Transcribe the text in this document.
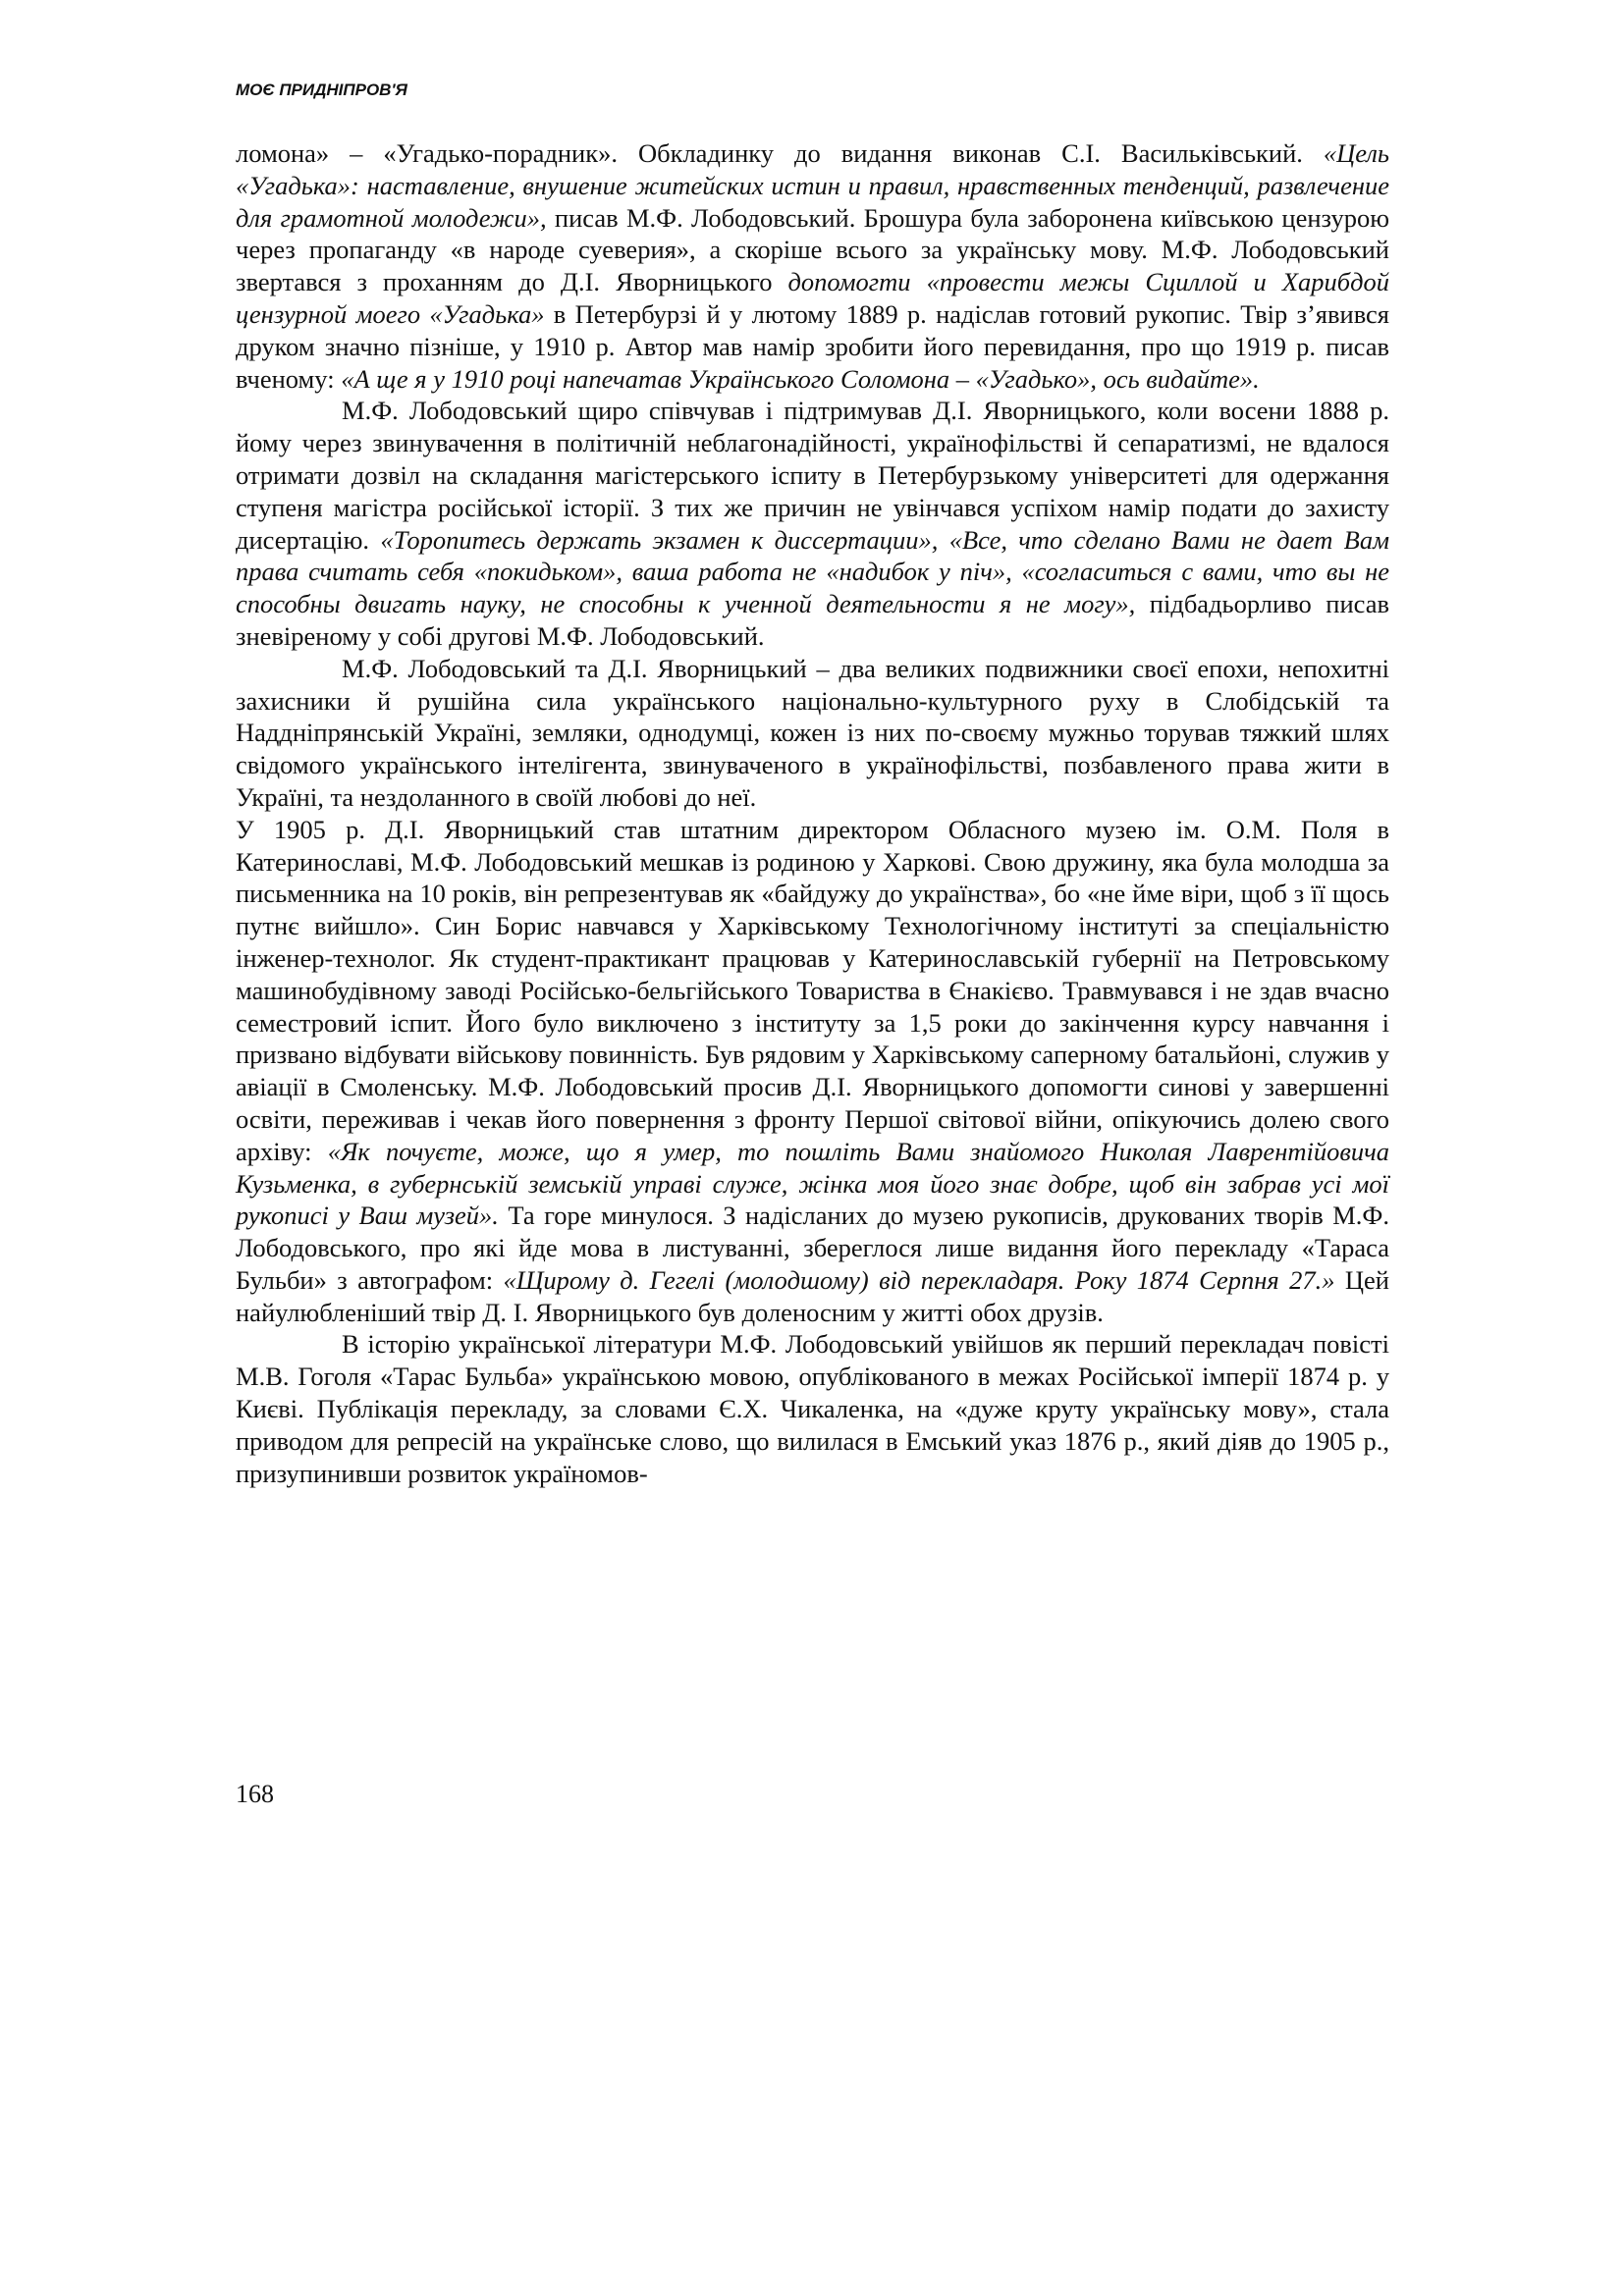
МОЄ ПРИДНІПРОВ'Я

ломона» – «Угадько-порадник». Обкладинку до видання виконав С.І. Васильківський. «Цель «Угадька»: наставление, внушение житейских истин и правил, нравственных тенденций, развлечение для грамотной молодежи», писав М.Ф. Лободовський. Брошура була заборонена київською цензурою через пропаганду «в народе суеверия», а скоріше всього за українську мову. М.Ф. Лободовський звертався з проханням до Д.І. Яворницького допомогти «провести межы Сциллой и Харибдой цензурной моего «Угадька» в Петербурзі й у лютому 1889 р. надіслав готовий рукопис. Твір з’явився друком значно пізніше, у 1910 р. Автор мав намір зробити його перевидання, про що 1919 р. писав вченому: «А ще я у 1910 році напечатав Українського Соломона – «Угадько», ось видайте».

М.Ф. Лободовський щиро співчував і підтримував Д.І. Яворницького, коли восени 1888 р. йому через звинувачення в політичній неблагонадійності, українофільстві й сепаратизмі, не вдалося отримати дозвіл на складання магістерського іспиту в Петербурзькому університеті для одержання ступеня магістра російської історії. З тих же причин не увінчався успіхом намір подати до захисту дисертацію. «Торопитесь держать экзамен к диссертации», «Все, что сделано Вами не дает Вам права считать себя «покидьком», ваша работа не «надибок у піч», «согласиться с вами, что вы не способны двигать науку, не способны к ученной деятельности я не могу», підбадьорливо писав зневіреному у собі другові М.Ф. Лободовський.

М.Ф. Лободовський та Д.І. Яворницький – два великих подвижники своєї епохи, непохитні захисники й рушійна сила українського національно-культурного руху в Слобідській та Наддніпрянській Україні, земляки, однодумці, кожен із них по-своєму мужньо торував тяжкий шлях свідомого українського інтелігента, звинуваченого в українофільстві, позбавленого права жити в Україні, та нездоланного в своїй любові до неї.

У 1905 р. Д.І. Яворницький став штатним директором Обласного музею ім. О.М. Поля в Катеринославі, М.Ф. Лободовський мешкав із родиною у Харкові. Свою дружину, яка була молодша за письменника на 10 років, він репрезентував як «байдужу до українства», бо «не йме віри, щоб з її щось путнє вийшло». Син Борис навчався у Харківському Технологічному інституті за спеціальністю інженер-технолог. Як студент-практикант працював у Катеринославській губернії на Петровському машинобудівному заводі Російсько-бельгійського Товариства в Єнакієво. Травмувався і не здав вчасно семестровий іспит. Його було виключено з інституту за 1,5 роки до закінчення курсу навчання і призвано відбувати військову повинність. Був рядовим у Харківському саперному батальйоні, служив у авіації в Смоленську. М.Ф. Лободовський просив Д.І. Яворницького допомогти синові у завершенні освіти, переживав і чекав його повернення з фронту Першої світової війни, опікуючись долею свого архіву: «Як почуєте, може, що я умер, то пошліть Вами знайомого Николая Лаврентійовича Кузьменка, в губернській земській управі служе, жінка моя його знає добре, щоб він забрав усі мої рукописі у Ваш музей». Та горе минулося. З надісланих до музею рукописів, друкованих творів М.Ф. Лободовського, про які йде мова в листуванні, збереглося лише видання його перекладу «Тараса Бульби» з автографом: «Щирому д. Гегелі (молодшому) від перекладаря. Року 1874 Серпня 27.» Цей найулюбленіший твір Д. І. Яворницького був доленосним у житті обох друзів.

В історію української літератури М.Ф. Лободовський увійшов як перший перекладач повісті М.В. Гоголя «Тарас Бульба» українською мовою, опублікованого в межах Російської імперії 1874 р. у Києві. Публікація перекладу, за словами Є.Х. Чикаленка, на «дуже круту українську мову», стала приводом для репресій на українське слово, що вилилася в Емський указ 1876 р., який діяв до 1905 р., призупинивши розвиток україномов-

168
